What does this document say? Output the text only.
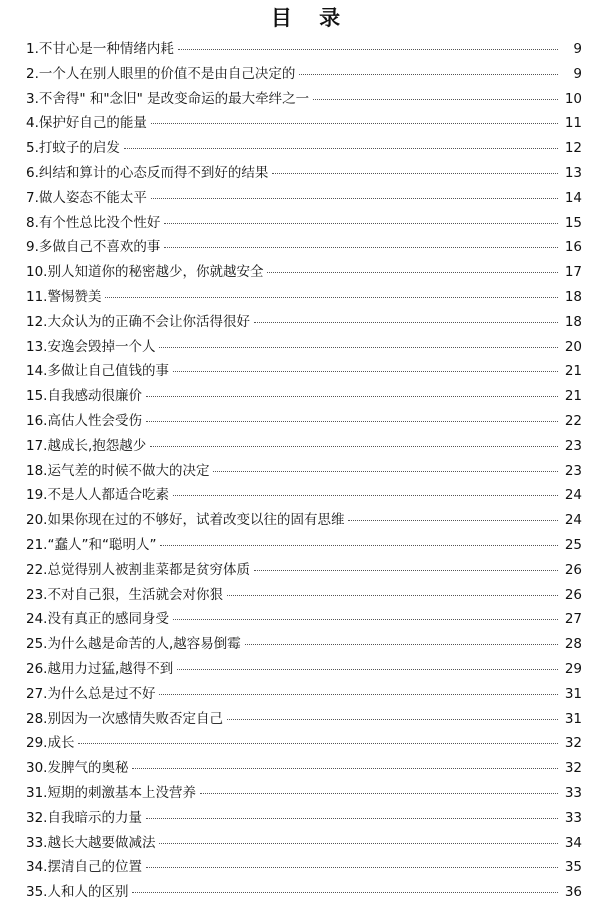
目 录
1.不甘心是一种情绪内耗	9
2.一个人在别人眼里的价值不是由自己决定的	9
3.不舍得" 和"念旧" 是改变命运的最大牵绊之一	10
4.保护好自己的能量	11
5.打蚊子的启发	12
6.纠结和算计的心态反而得不到好的结果	13
7.做人姿态不能太平	14
8.有个性总比没个性好	15
9.多做自己不喜欢的事	16
10.别人知道你的秘密越少，你就越安全	17
11.警惕赞美	18
12.大众认为的正确不会让你活得很好	18
13.安逸会毁掉一个人	20
14.多做让自己值钱的事	21
15.自我感动很廉价	21
16.高估人性会受伤	22
17.越成长,抱怨越少	23
18.运气差的时候不做大的决定	23
19.不是人人都适合吃素	24
20.如果你现在过的不够好，试着改变以往的固有思维	24
21.“蠢人”和“聪明人”	25
22.总觉得别人被割韭菜都是贫穷体质	26
23.不对自己狠，生活就会对你狠	26
24.没有真正的感同身受	27
25.为什么越是命苦的人,越容易倒霉	28
26.越用力过猛,越得不到	29
27.为什么总是过不好	31
28.别因为一次感情失败否定自己	31
29.成长	32
30.发脾气的奥秘	32
31.短期的刺激基本上没营养	33
32.自我暗示的力量	33
33.越长大越要做减法	34
34.摆清自己的位置	35
35.人和人的区别	36
